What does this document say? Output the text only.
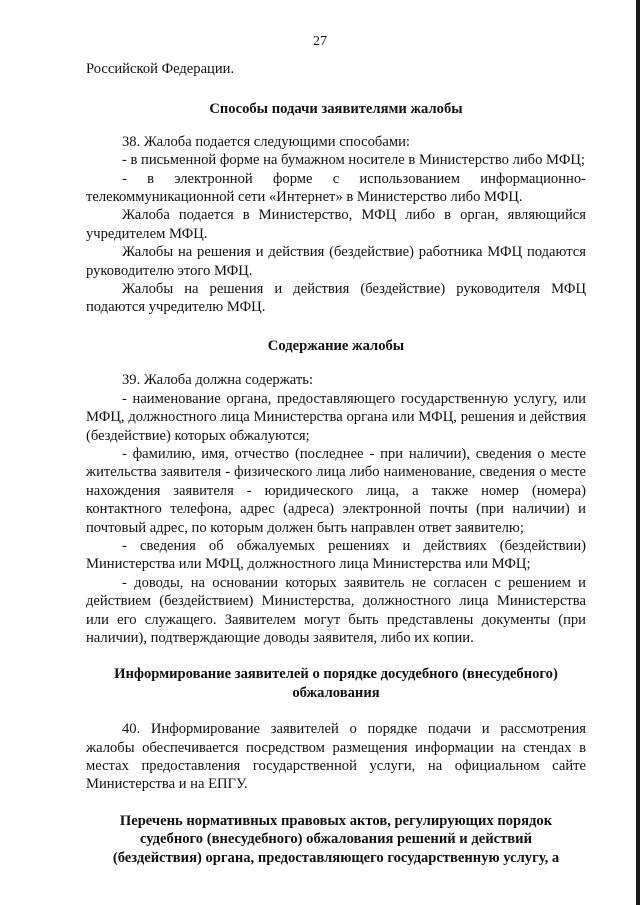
27

Российской Федерации.

Способы подачи заявителями жалобы

38. Жалоба подается следующими способами:

- в письменной форме на бумажном носителе в Министерство либо МФЦ;

- в электронной форме с использованием информационно-телекоммуникационной сети «Интернет» в Министерство либо МФЦ.

Жалоба подается в Министерство, МФЦ либо в орган, являющийся учредителем МФЦ.

Жалобы на решения и действия (бездействие) работника МФЦ подаются руководителю этого МФЦ.

Жалобы на решения и действия (бездействие) руководителя МФЦ подаются учредителю МФЦ.

Содержание жалобы

39. Жалоба должна содержать:

- наименование органа, предоставляющего государственную услугу, или МФЦ, должностного лица Министерства органа или МФЦ, решения и действия (бездействие) которых обжалуются;

- фамилию, имя, отчество (последнее - при наличии), сведения о месте жительства заявителя - физического лица либо наименование, сведения о месте нахождения заявителя - юридического лица, а также номер (номера) контактного телефона, адрес (адреса) электронной почты (при наличии) и почтовый адрес, по которым должен быть направлен ответ заявителю;

- сведения об обжалуемых решениях и действиях (бездействии) Министерства или МФЦ, должностного лица Министерства или МФЦ;

- доводы, на основании которых заявитель не согласен с решением и действием (бездействием) Министерства, должностного лица Министерства или его служащего. Заявителем могут быть представлены документы (при наличии), подтверждающие доводы заявителя, либо их копии.

Информирование заявителей о порядке досудебного (внесудебного) обжалования

40. Информирование заявителей о порядке подачи и рассмотрения жалобы обеспечивается посредством размещения информации на стендах в местах предоставления государственной услуги, на официальном сайте Министерства и на ЕПГУ.

Перечень нормативных правовых актов, регулирующих порядок судебного (внесудебного) обжалования решений и действий (бездействия) органа, предоставляющего государственную услугу, а
